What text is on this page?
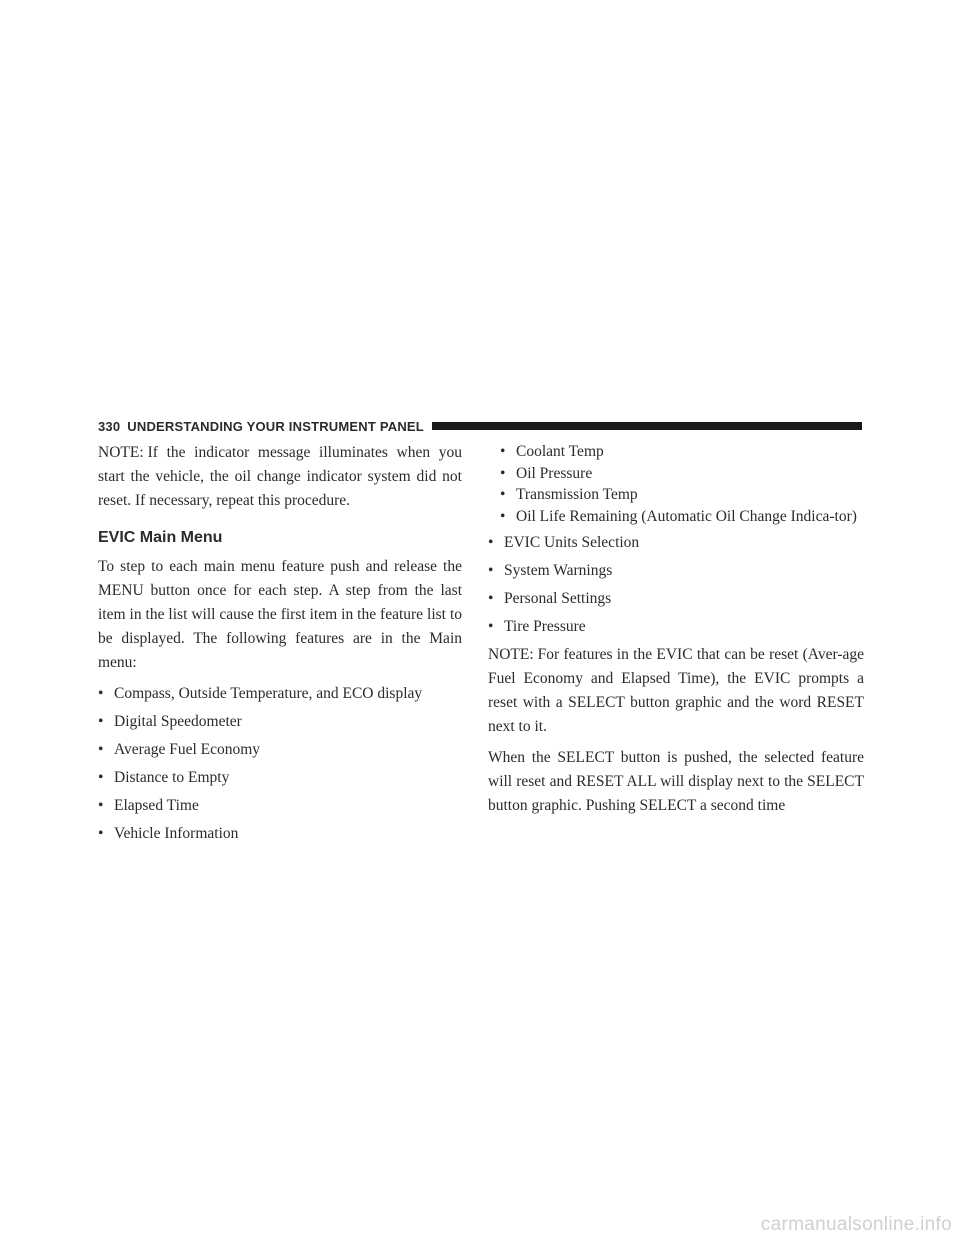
330 UNDERSTANDING YOUR INSTRUMENT PANEL

NOTE: If the indicator message illuminates when you start the vehicle, the oil change indicator system did not reset. If necessary, repeat this procedure.

EVIC Main Menu

To step to each main menu feature push and release the MENU button once for each step. A step from the last item in the list will cause the first item in the feature list to be displayed. The following features are in the Main menu:

• Compass, Outside Temperature, and ECO display
• Digital Speedometer
• Average Fuel Economy
• Distance to Empty
• Elapsed Time
• Vehicle Information
• Coolant Temp
• Oil Pressure
• Transmission Temp
• Oil Life Remaining (Automatic Oil Change Indica-tor)
• EVIC Units Selection
• System Warnings
• Personal Settings
• Tire Pressure

NOTE: For features in the EVIC that can be reset (Aver-age Fuel Economy and Elapsed Time), the EVIC prompts a reset with a SELECT button graphic and the word RESET next to it.

When the SELECT button is pushed, the selected feature will reset and RESET ALL will display next to the SELECT button graphic. Pushing SELECT a second time

carmanualsonline.info
